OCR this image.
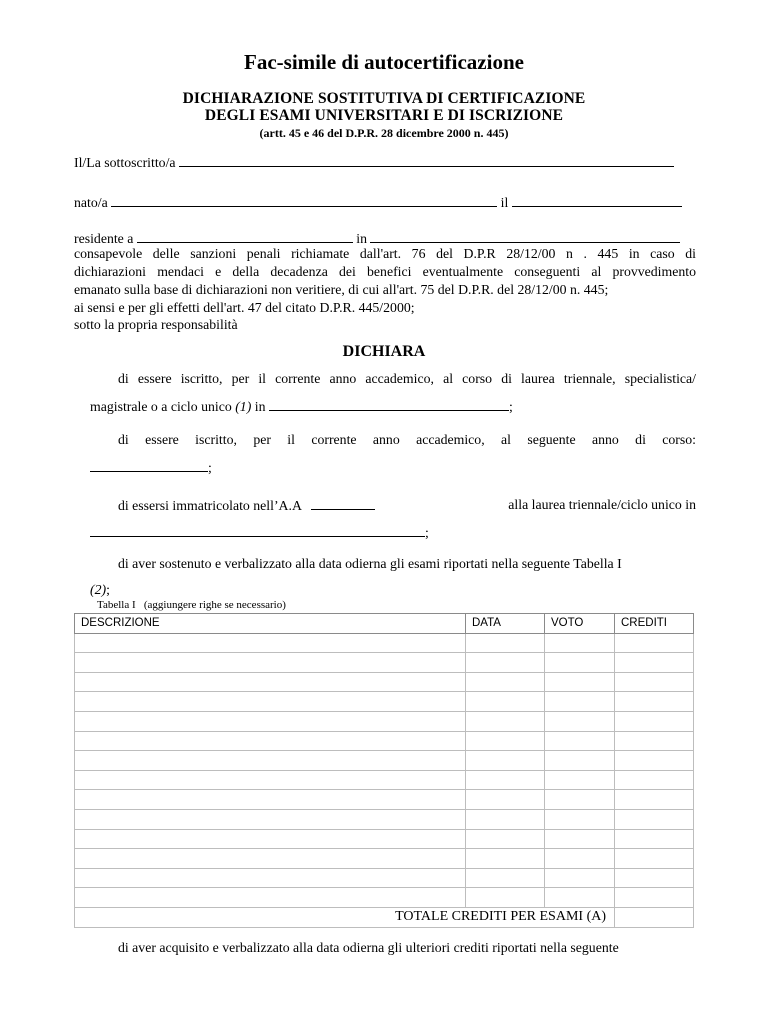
Fac-simile di autocertificazione
DICHIARAZIONE SOSTITUTIVA DI CERTIFICAZIONE
DEGLI ESAMI UNIVERSITARI E DI ISCRIZIONE
(artt. 45 e 46 del D.P.R. 28 dicembre 2000 n. 445)
Il/La sottoscritto/a
nato/a	il
residente a	in
consapevole delle sanzioni penali richiamate dall'art. 76 del D.P.R 28/12/00 n . 445 in caso di
dichiarazioni mendaci e della decadenza dei benefici eventualmente conseguenti al provvedimento
emanato sulla base di dichiarazioni non veritiere, di cui all'art. 75 del D.P.R. del 28/12/00 n. 445;
ai sensi e per gli effetti dell'art. 47 del citato D.P.R. 445/2000;
sotto la propria responsabilità
DICHIARA
di essere iscritto, per il corrente anno accademico, al corso di laurea triennale, specialistica/
magistrale o a ciclo unico (1) in	;
di essere iscritto, per il corrente anno accademico, al seguente anno di corso:
;
di essersi immatricolato nell’A.A	alla laurea triennale/ciclo unico in
;
di aver sostenuto e verbalizzato alla data odierna gli esami riportati nella seguente Tabella I
(2);
Tabella I (aggiungere righe se necessario)
DESCRIZIONE	DATA	VOTO	CREDITI

TOTALE CREDITI PER ESAMI (A)			
di aver acquisito e verbalizzato alla data odierna gli ulteriori crediti riportati nella seguente
